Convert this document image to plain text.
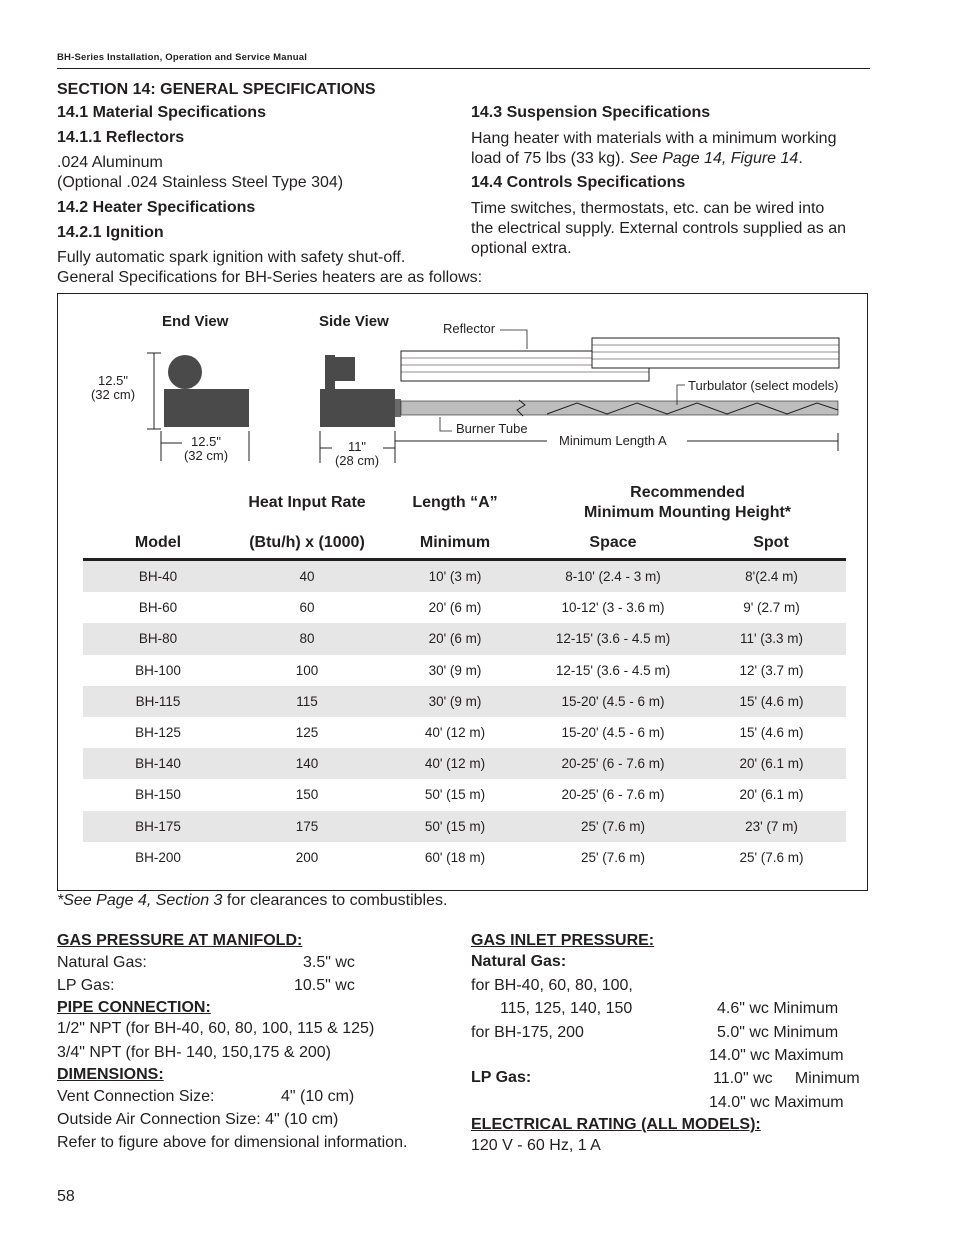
BH-Series Installation, Operation and Service Manual
SECTION 14: GENERAL SPECIFICATIONS
14.1 Material Specifications
14.1.1 Reflectors
.024 Aluminum
(Optional .024 Stainless Steel Type 304)
14.2 Heater Specifications
14.2.1 Ignition
Fully automatic spark ignition with safety shut-off.
General Specifications for BH-Series heaters are as follows:
14.3 Suspension Specifications
Hang heater with materials with a minimum working
load of 75 lbs (33 kg). See Page 14, Figure 14.
14.4 Controls Specifications
Time switches, thermostats, etc. can be wired into
the electrical supply. External controls supplied as an
optional extra.
End View	Side View	Reflector
Turbulator (select models)
Burner Tube
Minimum Length A
12.5"
(32 cm)
12.5"
(32 cm)
11"
(28 cm)
Heat Input Rate	Length “A”
Recommended
Minimum Mounting Height*
Model	(Btu/h) x (1000)	Minimum	Space	Spot
BH-40	40	10' (3 m)	8-10' (2.4 - 3 m)	8'(2.4 m)
BH-60	60	20' (6 m)	10-12' (3 - 3.6 m)	9' (2.7 m)
BH-80	80	20' (6 m)	12-15' (3.6 - 4.5 m)	11' (3.3 m)
BH-100	100	30' (9 m)	12-15' (3.6 - 4.5 m)	12' (3.7 m)
BH-115	115	30' (9 m)	15-20' (4.5 - 6 m)	15' (4.6 m)
BH-125	125	40' (12 m)	15-20' (4.5 - 6 m)	15' (4.6 m)
BH-140	140	40' (12 m)	20-25' (6 - 7.6 m)	20' (6.1 m)
BH-150	150	50' (15 m)	20-25' (6 - 7.6 m)	20' (6.1 m)
BH-175	175	50' (15 m)	25' (7.6 m)	23' (7 m)
BH-200	200	60' (18 m)	25' (7.6 m)	25' (7.6 m)
*See Page 4, Section 3 for clearances to combustibles.
GAS PRESSURE AT MANIFOLD:
Natural Gas:	3.5" wc
LP Gas:	10.5" wc
PIPE CONNECTION:
1/2" NPT (for BH-40, 60, 80, 100, 115 & 125)
3/4" NPT (for BH- 140, 150,175 & 200)
DIMENSIONS:
Vent Connection Size:	4" (10 cm)
Outside Air Connection Size: 4" (10 cm)
Refer to figure above for dimensional information.
GAS INLET PRESSURE:
Natural Gas:
for BH-40, 60, 80, 100,
115, 125, 140, 150	4.6" wc Minimum
for BH-175, 200	5.0" wc Minimum
14.0" wc Maximum
LP Gas:	11.0" wc     Minimum
14.0" wc Maximum
ELECTRICAL RATING (ALL MODELS):
120 V - 60 Hz, 1 A
58
